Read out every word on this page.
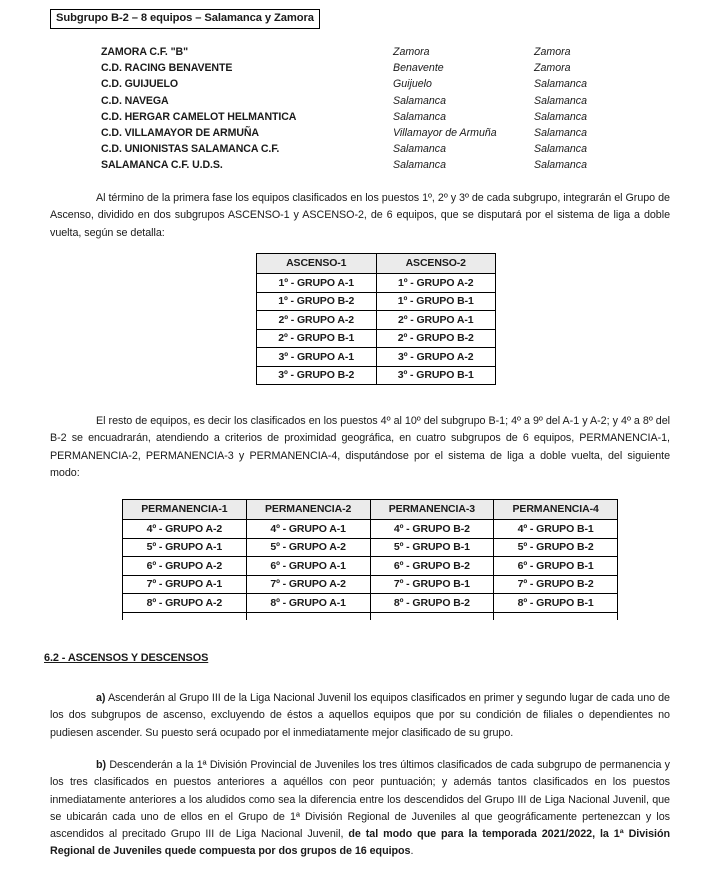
Subgrupo B-2 – 8 equipos – Salamanca y Zamora
ZAMORA C.F. "B"	Zamora	Zamora
C.D. RACING BENAVENTE	Benavente	Zamora
C.D. GUIJUELO	Guijuelo	Salamanca
C.D. NAVEGA	Salamanca	Salamanca
C.D. HERGAR CAMELOT HELMANTICA	Salamanca	Salamanca
C.D. VILLAMAYOR DE ARMUÑA	Villamayor de Armuña	Salamanca
C.D. UNIONISTAS SALAMANCA C.F.	Salamanca	Salamanca
SALAMANCA C.F. U.D.S.	Salamanca	Salamanca
Al término de la primera fase los equipos clasificados en los puestos 1º, 2º y 3º de cada subgrupo, integrarán el Grupo de Ascenso, dividido en dos subgrupos ASCENSO-1 y ASCENSO-2, de 6 equipos, que se disputará por el sistema de liga a doble vuelta, según se detalla:
ASCENSO-1	ASCENSO-2
1º - GRUPO A-1	1º - GRUPO A-2
1º - GRUPO B-2	1º - GRUPO B-1
2º - GRUPO A-2	2º - GRUPO A-1
2º - GRUPO B-1	2º - GRUPO B-2
3º - GRUPO A-1	3º - GRUPO A-2
3º - GRUPO B-2	3º - GRUPO B-1
El resto de equipos, es decir los clasificados en los puestos 4º al 10º del subgrupo B-1; 4º a 9º del A-1 y A-2; y 4º a 8º del B-2 se encuadrarán, atendiendo a criterios de proximidad geográfica, en cuatro subgrupos de 6 equipos, PERMANENCIA-1, PERMANENCIA-2, PERMANENCIA-3 y PERMANENCIA-4, disputándose por el sistema de liga a doble vuelta, del siguiente modo:
PERMANENCIA-1	PERMANENCIA-2	PERMANENCIA-3	PERMANENCIA-4
4º - GRUPO A-2	4º - GRUPO A-1	4º - GRUPO B-2	4º - GRUPO B-1
5º - GRUPO A-1	5º - GRUPO A-2	5º - GRUPO B-1	5º - GRUPO B-2
6º - GRUPO A-2	6º - GRUPO A-1	6º - GRUPO B-2	6º - GRUPO B-1
7º - GRUPO A-1	7º - GRUPO A-2	7º - GRUPO B-1	7º - GRUPO B-2
8º - GRUPO A-2	8º - GRUPO A-1	8º - GRUPO B-2	8º - GRUPO B-1

6.2 - ASCENSOS Y DESCENSOS
a) Ascenderán al Grupo III de la Liga Nacional Juvenil los equipos clasificados en primer y segundo lugar de cada uno de los dos subgrupos de ascenso, excluyendo de éstos a aquellos equipos que por su condición de filiales o dependientes no pudiesen ascender. Su puesto será ocupado por el inmediatamente mejor clasificado de su grupo.
b) Descenderán a la 1ª División Provincial de Juveniles los tres últimos clasificados de cada subgrupo de permanencia y los tres clasificados en puestos anteriores a aquéllos con peor puntuación; y además tantos clasificados en los puestos inmediatamente anteriores a los aludidos como sea la diferencia entre los descendidos del Grupo III de Liga Nacional Juvenil, que se ubicarán cada uno de ellos en el Grupo de 1ª División Regional de Juveniles al que geográficamente pertenezcan y los ascendidos al precitado Grupo III de Liga Nacional Juvenil, de tal modo que para la temporada 2021/2022, la 1ª División Regional de Juveniles quede compuesta por dos grupos de 16 equipos.
